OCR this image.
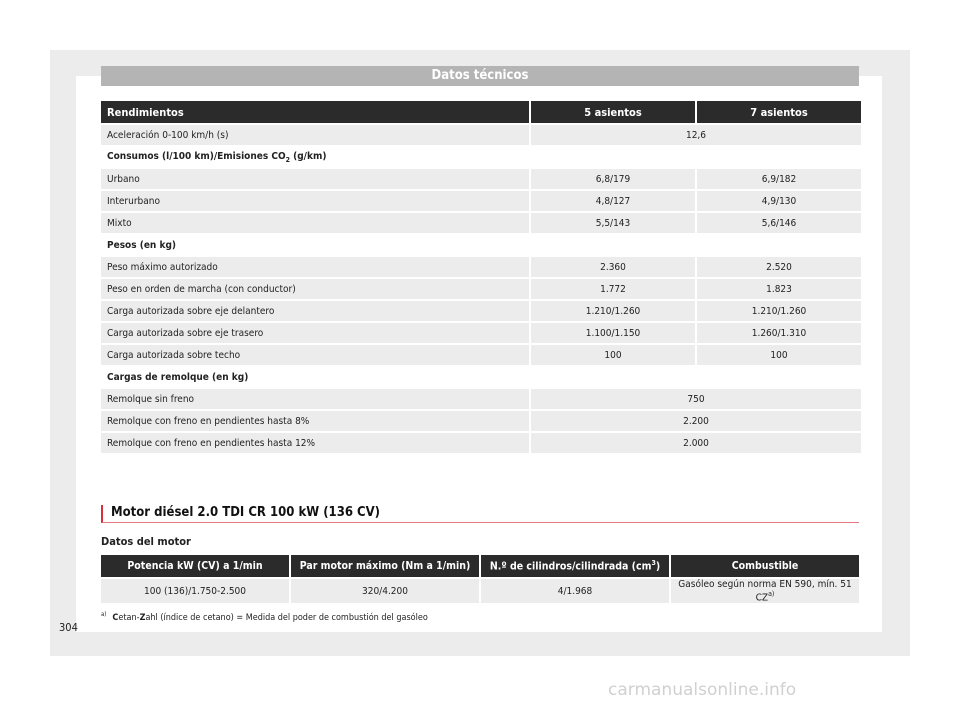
Datos técnicos
Rendimientos	5 asientos	7 asientos
Aceleración 0-100 km/h (s)	12,6	
Consumos (l/100 km)/Emisiones $CO_2$ (g/km)		
Urbano	6,8/179	6,9/182
Interurbano	4,8/127	4,9/130
Mixto	5,5/143	5,6/146
Pesos (en kg)		
Peso máximo autorizado	2.360	2.520
Peso en orden de marcha (con conductor)	1.772	1.823
Carga autorizada sobre eje delantero	1.210/1.260	1.210/1.260
Carga autorizada sobre eje trasero	1.100/1.150	1.260/1.310
Carga autorizada sobre techo	100	100
Cargas de remolque (en kg)		
Remolque sin freno	750	
Remolque con freno en pendientes hasta 8%	2.200	
Remolque con freno en pendientes hasta 12%	2.000	
Motor diésel 2.0 TDI CR 100 kW (136 CV)
Datos del motor
Potencia kW (CV) a 1/min	Par motor máximo (Nm a 1/min)	N.º de cilindros/cilindrada $(cm^3)$	Combustible
100 (136)/1.750-2.500	320/4.200	4/1.968	Gasóleo según norma EN 590, mín. 51 CZ$^{a)}$
$^{a)}$ Cetan-Zahl (índice de cetano) = Medida del poder de combustión del gasóleo
304
carmanualsonline.info
